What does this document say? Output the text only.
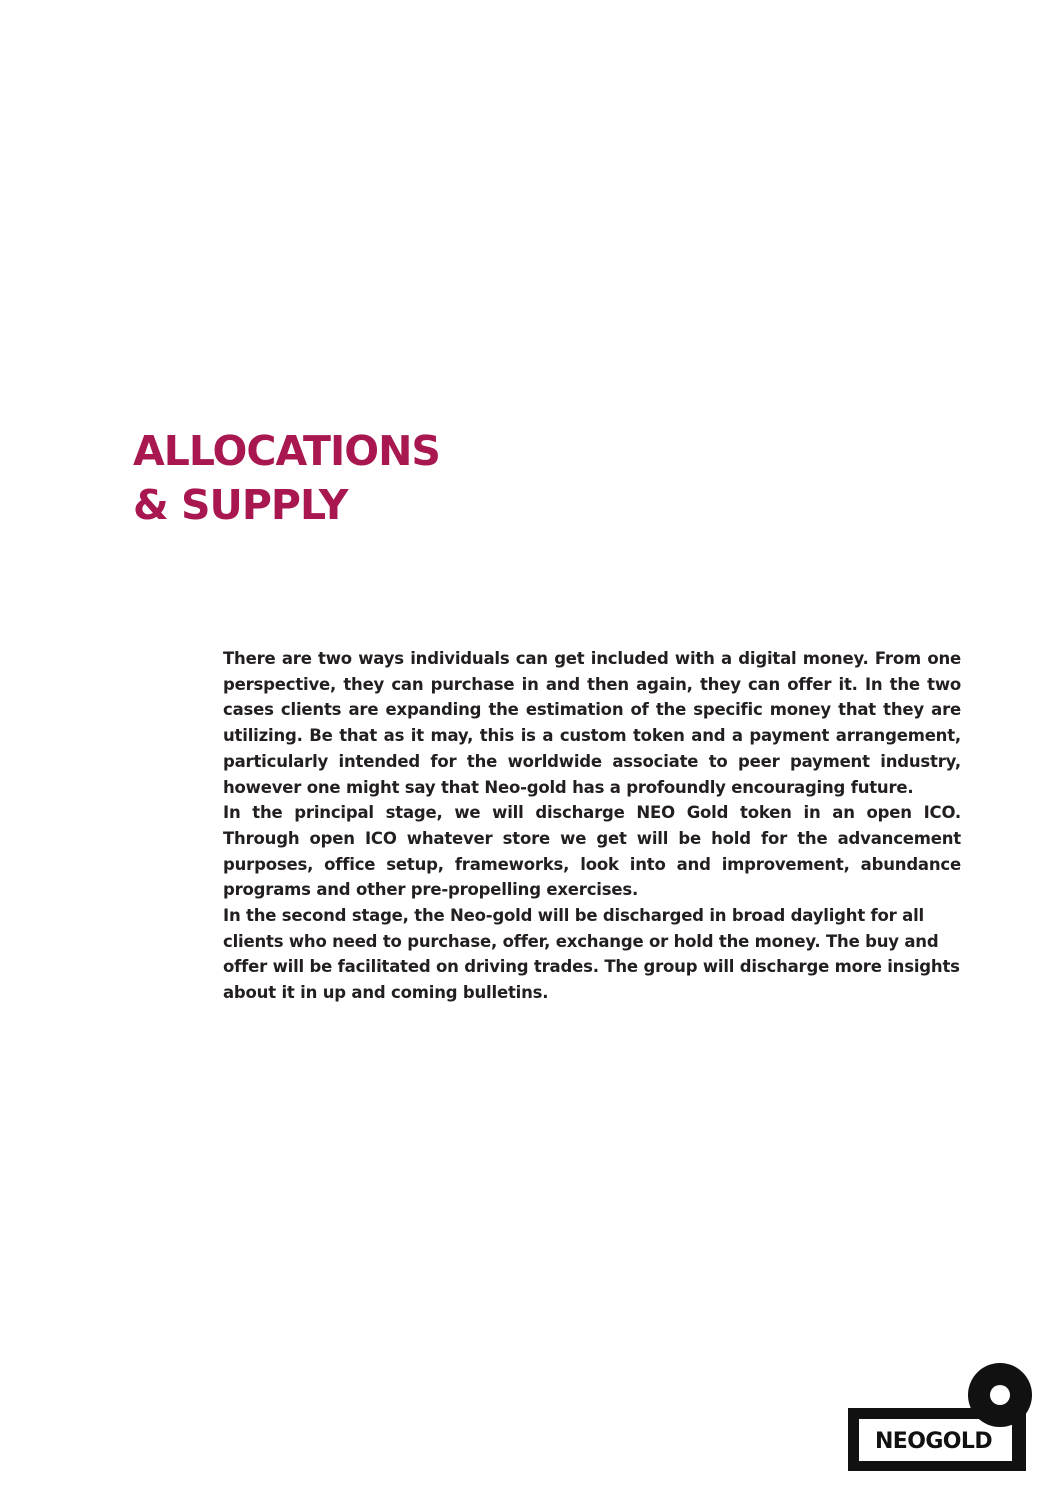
ALLOCATIONS
& SUPPLY

There are two ways individuals can get included with a digital money. From one perspective, they can purchase in and then again, they can offer it. In the two cases clients are expanding the estimation of the specific money that they are utilizing. Be that as it may, this is a custom token and a payment arrangement, particularly intended for the worldwide associate to peer payment industry, however one might say that Neo-gold has a profoundly encouraging future.

In the principal stage, we will discharge NEO Gold token in an open ICO. Through open ICO whatever store we get will be hold for the advancement purposes, office setup, frameworks, look into and improvement, abundance programs and other pre-propelling exercises.

In the second stage, the Neo-gold will be discharged in broad daylight for all clients who need to purchase, offer, exchange or hold the money. The buy and offer will be facilitated on driving trades. The group will discharge more insights about it in up and coming bulletins.

NEOGOLD
